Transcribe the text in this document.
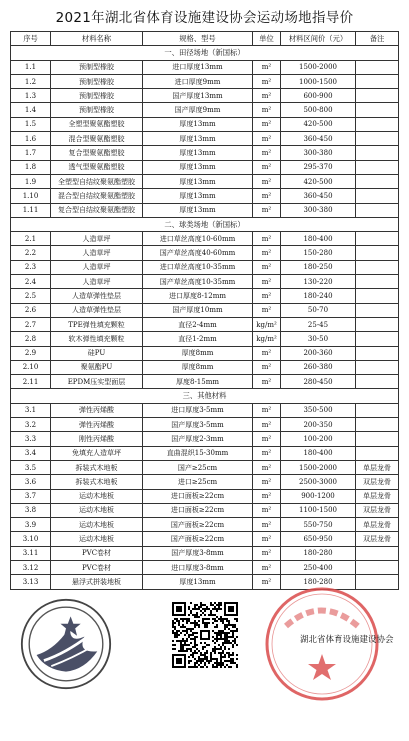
2021年湖北省体育设施建设协会运动场地指导价
序号	材料名称	规格、型号	单位	材料区间价（元）	备注
一、田径场地（新国标）					
1.1	预制型橡胶	进口厚度13mm	m²	1500-2000	
1.2	预制型橡胶	进口厚度9mm	m²	1000-1500	
1.3	预制型橡胶	国产厚度13mm	m²	600-900	
1.4	预制型橡胶	国产厚度9mm	m²	500-800	
1.5	全塑型聚氨酯塑胶	厚度13mm	m²	420-500	
1.6	混合型聚氨酯塑胶	厚度13mm	m²	360-450	
1.7	复合型聚氨酯塑胶	厚度13mm	m²	300-380	
1.8	透气型聚氨酯塑胶	厚度13mm	m²	295-370	
1.9	全塑型自结纹聚氨酯塑胶	厚度13mm	m²	420-500	
1.10	混合型自结纹聚氨酯塑胶	厚度13mm	m²	360-450	
1.11	复合型自结纹聚氨酯塑胶	厚度13mm	m²	300-380	
二、球类场地（新国标）					
2.1	人造草坪	进口草丝高度10-60mm	m²	180-400	
2.2	人造草坪	国产草丝高度40-60mm	m²	150-280	
2.3	人造草坪	进口草丝高度10-35mm	m²	180-250	
2.4	人造草坪	国产草丝高度10-35mm	m²	130-220	
2.5	人造草弹性垫层	进口厚度8-12mm	m²	180-240	
2.6	人造草弹性垫层	国产厚度10mm	m²	50-70	
2.7	TPE弹性填充颗粒	直径2-4mm	kg/m²	25-45	
2.8	软木弹性填充颗粒	直径1-2mm	kg/m²	30-50	
2.9	硅PU	厚度8mm	m²	200-360	
2.10	聚氨酯PU	厚度8mm	m²	260-380	
2.11	EPDM压实型面层	厚度8-15mm	m²	280-450	
三、其他材料					
3.1	弹性丙烯酸	进口厚度3-5mm	m²	350-500	
3.2	弹性丙烯酸	国产厚度3-5mm	m²	200-350	
3.3	刚性丙烯酸	国产厚度2-3mm	m²	100-200	
3.4	免填充人造草坪	直曲混织15-30mm	m²	180-400	
3.5	拆装式木地板	国产≥25cm	m²	1500-2000	单层龙骨
3.6	拆装式木地板	进口≥25cm	m²	2500-3000	双层龙骨
3.7	运动木地板	进口面板≥22cm	m²	900-1200	单层龙骨
3.8	运动木地板	进口面板≥22cm	m²	1100-1500	双层龙骨
3.9	运动木地板	国产面板≥22cm	m²	550-750	单层龙骨
3.10	运动木地板	国产面板≥22cm	m²	650-950	双层龙骨
3.11	PVC卷材	国产厚度3-8mm	m²	180-280	
3.12	PVC卷材	进口厚度3-8mm	m²	250-400	
3.13	悬浮式拼装地板	厚度13mm	m²	180-280	
湖北省体育设施建设协会
